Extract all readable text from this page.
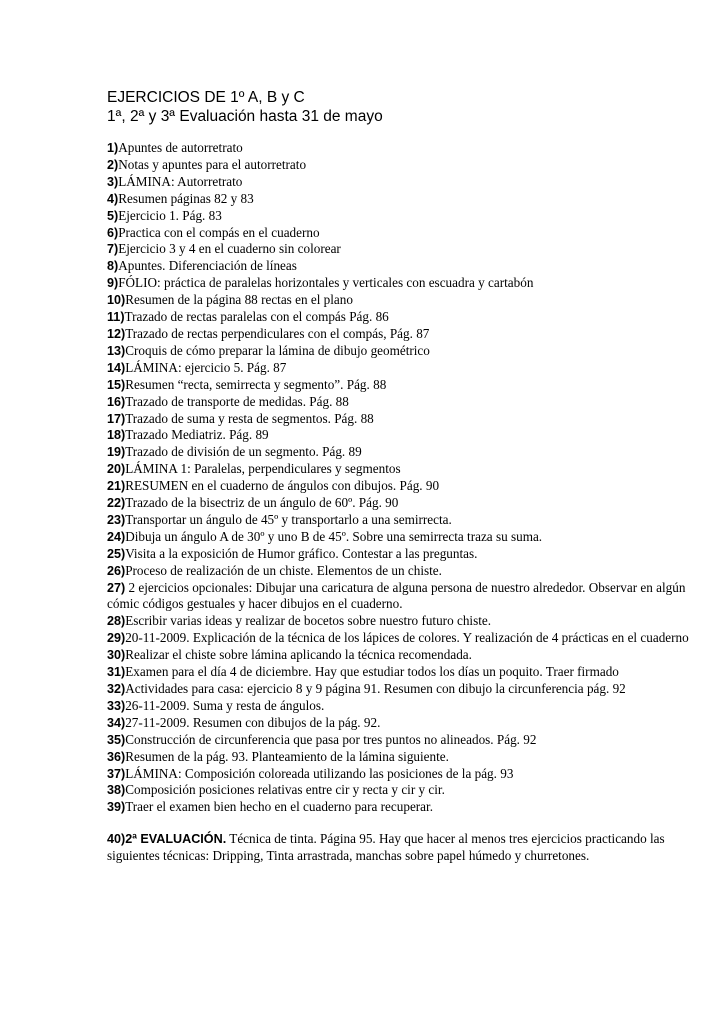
EJERCICIOS DE 1º A, B y C

1ª, 2ª y 3ª Evaluación hasta 31 de mayo

1)Apuntes de autorretrato

2)Notas y apuntes para el autorretrato

3)LÁMINA: Autorretrato

4)Resumen páginas 82 y 83

5)Ejercicio 1. Pág. 83

6)Practica con el compás en el cuaderno

7)Ejercicio 3 y 4 en el cuaderno sin colorear

8)Apuntes. Diferenciación de líneas

9)FÓLIO: práctica de paralelas horizontales y verticales con escuadra y cartabón

10)Resumen de la página 88 rectas en el plano

11)Trazado de rectas paralelas con el compás Pág. 86

12)Trazado de rectas perpendiculares con el compás, Pág. 87

13)Croquis de cómo preparar la lámina de dibujo geométrico

14)LÁMINA: ejercicio 5. Pág. 87

15)Resumen “recta, semirrecta y segmento”. Pág. 88

16)Trazado de transporte de medidas. Pág. 88

17)Trazado de suma y resta de segmentos. Pág. 88

18)Trazado Mediatriz. Pág. 89

19)Trazado de división de un segmento. Pág. 89

20)LÁMINA 1: Paralelas, perpendiculares y segmentos

21)RESUMEN en el cuaderno de ángulos con dibujos. Pág. 90

22)Trazado de la bisectriz de un ángulo de 60º. Pág. 90

23)Transportar un ángulo de 45º y transportarlo a una semirrecta.

24)Dibuja un ángulo A de 30º y uno B de 45º. Sobre una semirrecta traza su suma.

25)Visita a la exposición de Humor gráfico. Contestar a las preguntas.

26)Proceso de realización de un chiste. Elementos de un chiste.

27) 2 ejercicios opcionales: Dibujar una caricatura de alguna persona de nuestro alrededor. Observar en algún cómic códigos gestuales y hacer dibujos en el cuaderno.

28)Escribir varias ideas y realizar de bocetos sobre nuestro futuro chiste.

29)20-11-2009. Explicación de la técnica de los lápices de colores. Y realización de 4 prácticas en el cuaderno

30)Realizar el chiste sobre lámina aplicando la técnica recomendada.

31)Examen para el día 4 de diciembre. Hay que estudiar todos los días un poquito. Traer firmado

32)Actividades para casa: ejercicio 8 y 9 página 91. Resumen con dibujo la circunferencia pág. 92

33)26-11-2009. Suma y resta de ángulos.

34)27-11-2009. Resumen con dibujos de la pág. 92.

35)Construcción de circunferencia que pasa por tres puntos no alineados. Pág. 92

36)Resumen de la pág. 93. Planteamiento de la lámina siguiente.

37)LÁMINA: Composición coloreada utilizando las posiciones de la pág. 93

38)Composición posiciones relativas entre cir y recta y cir y cir.

39)Traer el examen bien hecho en el cuaderno para recuperar.

40)2ª EVALUACIÓN. Técnica de tinta. Página 95. Hay que hacer al menos tres ejercicios practicando las siguientes técnicas: Dripping, Tinta arrastrada, manchas sobre papel húmedo y churretones.
